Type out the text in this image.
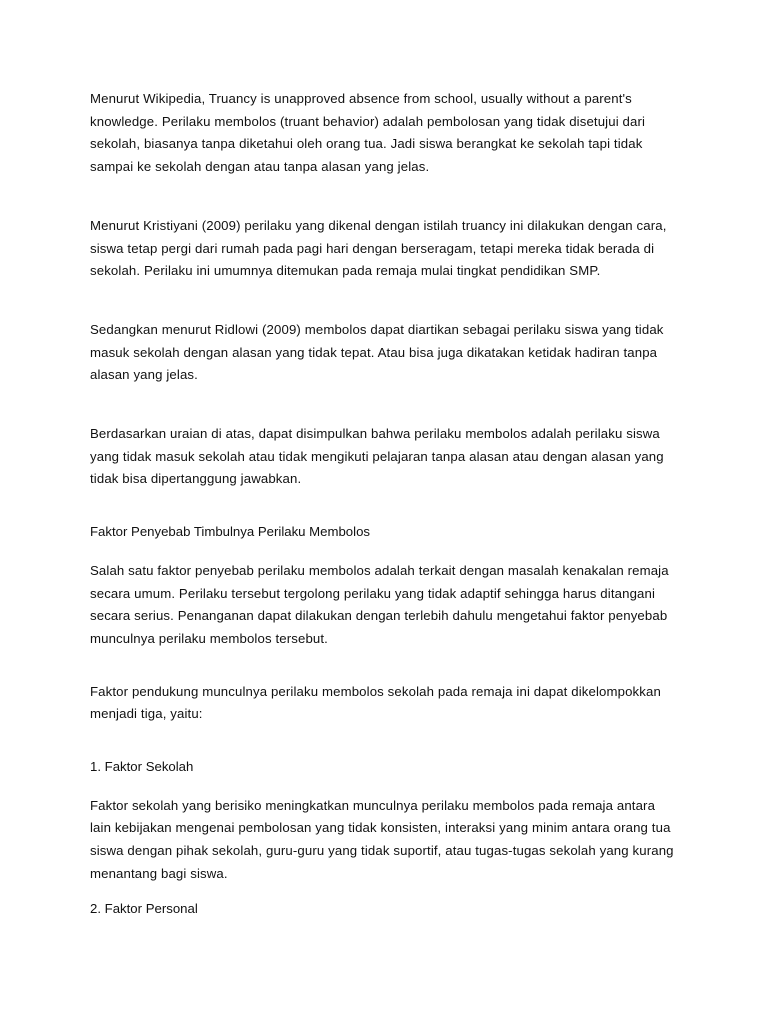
Menurut Wikipedia, Truancy is unapproved absence from school, usually without a parent's knowledge. Perilaku membolos (truant behavior) adalah pembolosan yang tidak disetujui dari sekolah, biasanya tanpa diketahui oleh orang tua. Jadi siswa berangkat ke sekolah tapi tidak sampai ke sekolah dengan atau tanpa alasan yang jelas.

Menurut Kristiyani (2009) perilaku yang dikenal dengan istilah truancy ini dilakukan dengan cara, siswa tetap pergi dari rumah pada pagi hari dengan berseragam, tetapi mereka tidak berada di sekolah. Perilaku ini umumnya ditemukan pada remaja mulai tingkat pendidikan SMP.

Sedangkan menurut Ridlowi (2009) membolos dapat diartikan sebagai perilaku siswa yang tidak masuk sekolah dengan alasan yang tidak tepat. Atau bisa juga dikatakan ketidak hadiran tanpa alasan yang jelas.

Berdasarkan uraian di atas, dapat disimpulkan bahwa perilaku membolos adalah perilaku siswa yang tidak masuk sekolah atau tidak mengikuti pelajaran tanpa alasan atau dengan alasan yang tidak bisa dipertanggung jawabkan.

Faktor Penyebab Timbulnya Perilaku Membolos

Salah satu faktor penyebab perilaku membolos adalah terkait dengan masalah kenakalan remaja secara umum. Perilaku tersebut tergolong perilaku yang tidak adaptif sehingga harus ditangani secara serius. Penanganan dapat dilakukan dengan terlebih dahulu mengetahui faktor penyebab munculnya perilaku membolos tersebut.

Faktor pendukung munculnya perilaku membolos sekolah pada remaja ini dapat dikelompokkan menjadi tiga, yaitu:

1. Faktor Sekolah

Faktor sekolah yang berisiko meningkatkan munculnya perilaku membolos pada remaja antara lain kebijakan mengenai pembolosan yang tidak konsisten, interaksi yang minim antara orang tua siswa dengan pihak sekolah, guru-guru yang tidak suportif, atau tugas-tugas sekolah yang kurang menantang bagi siswa.

2. Faktor Personal
